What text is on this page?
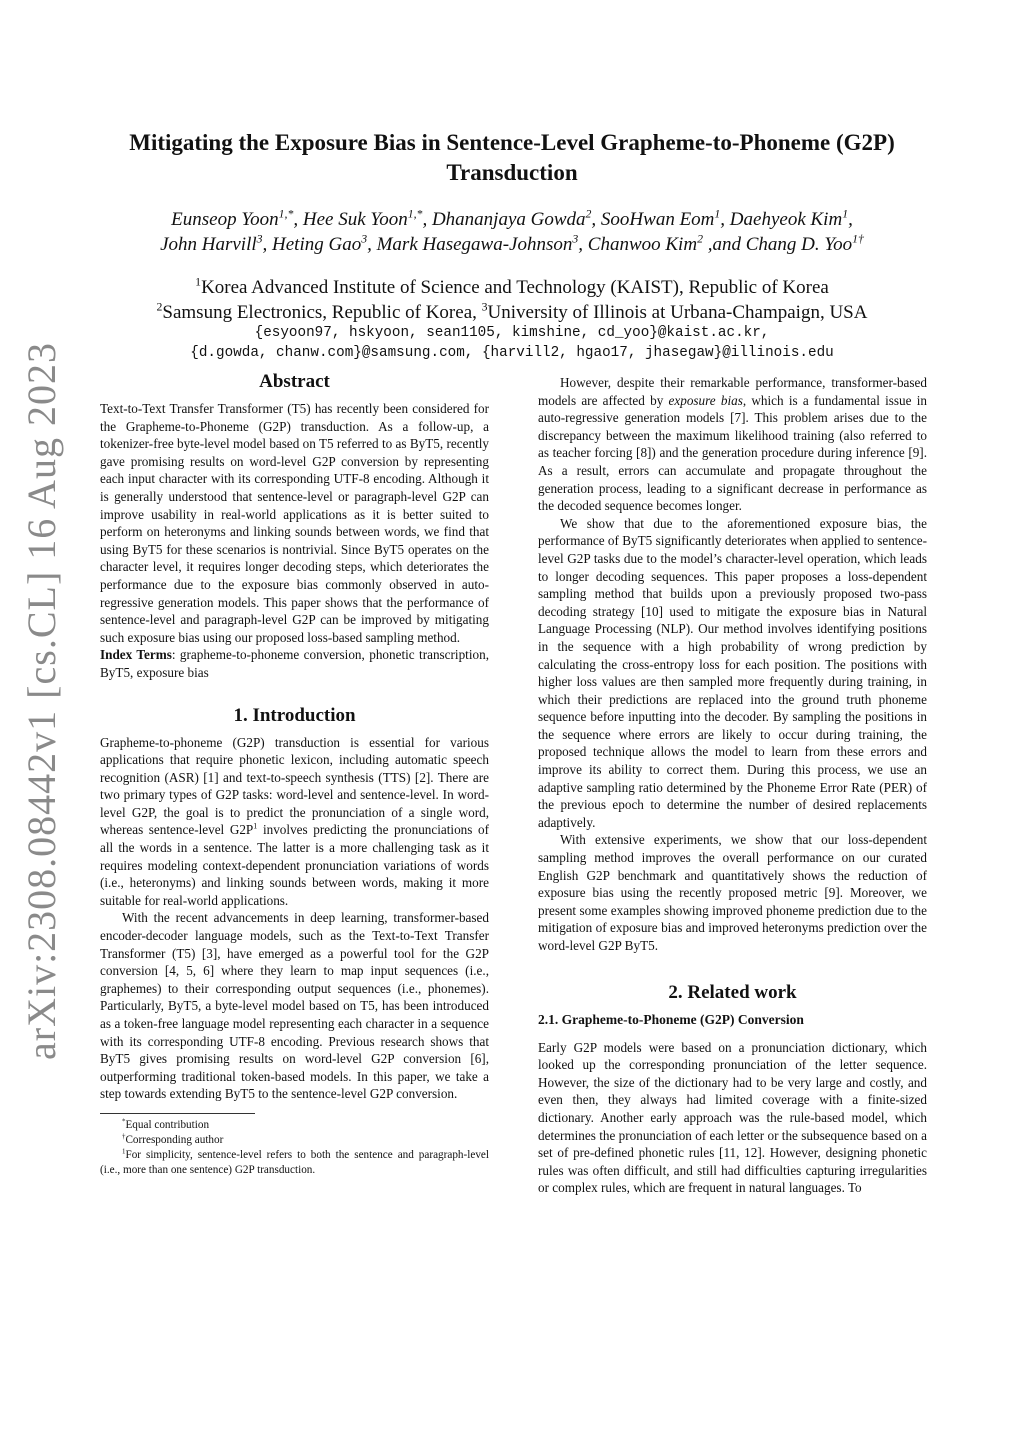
arXiv:2308.08442v1 [cs.CL] 16 Aug 2023
Mitigating the Exposure Bias in Sentence-Level Grapheme-to-Phoneme (G2P) Transduction
Eunseop Yoon$^{1,*}$, Hee Suk Yoon$^{1,*}$, Dhananjaya Gowda$^2$, SooHwan Eom$^1$, Daehyeok Kim$^1$,
John Harvill$^3$, Heting Gao$^3$, Mark Hasegawa-Johnson$^3$, Chanwoo Kim$^2$ ,and Chang D. Yoo$^{1\dagger}$
$^1$Korea Advanced Institute of Science and Technology (KAIST), Republic of Korea
$^2$Samsung Electronics, Republic of Korea, $^3$University of Illinois at Urbana-Champaign, USA
{esyoon97, hskyoon, sean1105, kimshine, cd_yoo}@kaist.ac.kr,
{d.gowda, chanw.com}@samsung.com, {harvill2, hgao17, jhasegaw}@illinois.edu
Abstract

Text-to-Text Transfer Transformer (T5) has recently been considered for the Grapheme-to-Phoneme (G2P) transduction. As a follow-up, a tokenizer-free byte-level model based on T5 referred to as ByT5, recently gave promising results on word-level G2P conversion by representing each input character with its corresponding UTF-8 encoding. Although it is generally understood that sentence-level or paragraph-level G2P can improve usability in real-world applications as it is better suited to perform on heteronyms and linking sounds between words, we find that using ByT5 for these scenarios is nontrivial. Since ByT5 operates on the character level, it requires longer decoding steps, which deteriorates the performance due to the exposure bias commonly observed in auto-regressive generation models. This paper shows that the performance of sentence-level and paragraph-level G2P can be improved by mitigating such exposure bias using our proposed loss-based sampling method.

Index Terms: grapheme-to-phoneme conversion, phonetic transcription, ByT5, exposure bias

1. Introduction

Grapheme-to-phoneme (G2P) transduction is essential for various applications that require phonetic lexicon, including automatic speech recognition (ASR) [1] and text-to-speech synthesis (TTS) [2]. There are two primary types of G2P tasks: word-level and sentence-level. In word-level G2P, the goal is to predict the pronunciation of a single word, whereas sentence-level $G2P^1$ involves predicting the pronunciations of all the words in a sentence. The latter is a more challenging task as it requires modeling context-dependent pronunciation variations of words (i.e., heteronyms) and linking sounds between words, making it more suitable for real-world applications.

With the recent advancements in deep learning, transformer-based encoder-decoder language models, such as the Text-to-Text Transfer Transformer (T5) [3], have emerged as a powerful tool for the G2P conversion [4, 5, 6] where they learn to map input sequences (i.e., graphemes) to their corresponding output sequences (i.e., phonemes). Particularly, ByT5, a byte-level model based on T5, has been introduced as a token-free language model representing each character in a sequence with its corresponding UTF-8 encoding. Previous research shows that ByT5 gives promising results on word-level G2P conversion [6], outperforming traditional token-based models. In this paper, we take a step towards extending ByT5 to the sentence-level G2P conversion.

*Equal contribution
†Corresponding author
$^1$For simplicity, sentence-level refers to both the sentence and paragraph-level (i.e., more than one sentence) G2P transduction.

However, despite their remarkable performance, transformer-based models are affected by exposure bias, which is a fundamental issue in auto-regressive generation models [7]. This problem arises due to the discrepancy between the maximum likelihood training (also referred to as teacher forcing [8]) and the generation procedure during inference [9]. As a result, errors can accumulate and propagate throughout the generation process, leading to a significant decrease in performance as the decoded sequence becomes longer.

We show that due to the aforementioned exposure bias, the performance of ByT5 significantly deteriorates when applied to sentence-level G2P tasks due to the model’s character-level operation, which leads to longer decoding sequences. This paper proposes a loss-dependent sampling method that builds upon a previously proposed two-pass decoding strategy [10] used to mitigate the exposure bias in Natural Language Processing (NLP). Our method involves identifying positions in the sequence with a high probability of wrong prediction by calculating the cross-entropy loss for each position. The positions with higher loss values are then sampled more frequently during training, in which their predictions are replaced into the ground truth phoneme sequence before inputting into the decoder. By sampling the positions in the sequence where errors are likely to occur during training, the proposed technique allows the model to learn from these errors and improve its ability to correct them. During this process, we use an adaptive sampling ratio determined by the Phoneme Error Rate (PER) of the previous epoch to determine the number of desired replacements adaptively.

With extensive experiments, we show that our loss-dependent sampling method improves the overall performance on our curated English G2P benchmark and quantitatively shows the reduction of exposure bias using the recently proposed metric [9]. Moreover, we present some examples showing improved phoneme prediction due to the mitigation of exposure bias and improved heteronyms prediction over the word-level G2P ByT5.

2. Related work
2.1. Grapheme-to-Phoneme (G2P) Conversion

Early G2P models were based on a pronunciation dictionary, which looked up the corresponding pronunciation of the letter sequence. However, the size of the dictionary had to be very large and costly, and even then, they always had limited coverage with a finite-sized dictionary. Another early approach was the rule-based model, which determines the pronunciation of each letter or the subsequence based on a set of pre-defined phonetic rules [11, 12]. However, designing phonetic rules was often difficult, and still had difficulties capturing irregularities or complex rules, which are frequent in natural languages. To
